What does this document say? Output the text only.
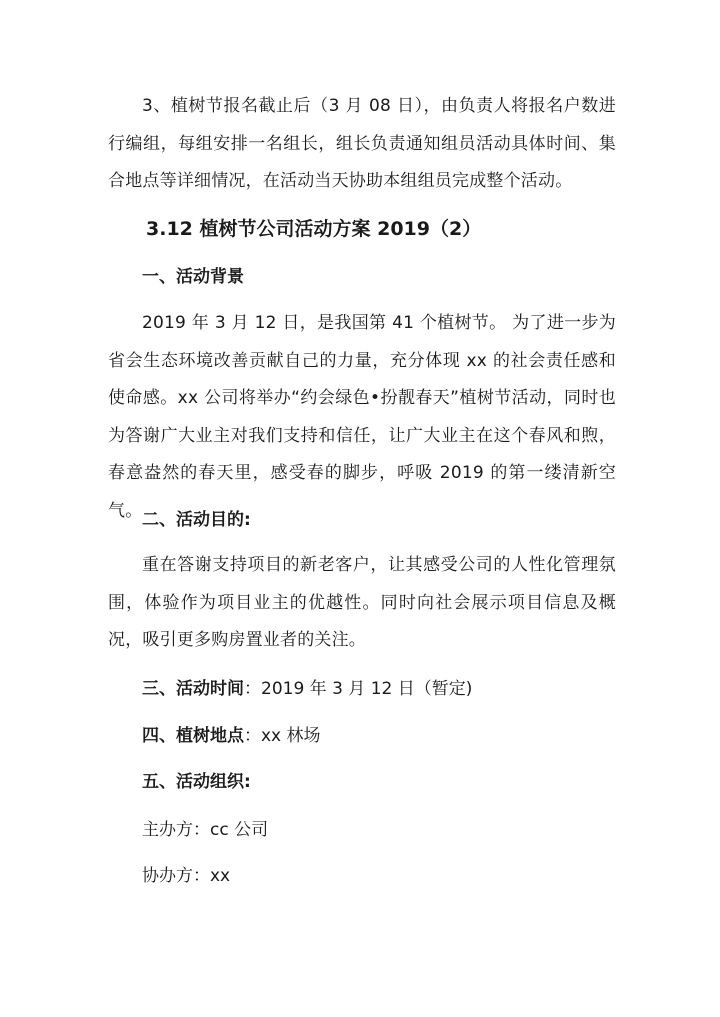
3、植树节报名截止后（3 月 08 日），由负责人将报名户数进行编组，每组安排一名组长，组长负责通知组员活动具体时间、集合地点等详细情况，在活动当天协助本组组员完成整个活动。

3.12 植树节公司活动方案 2019（2）

一、活动背景

2019 年 3 月 12 日，是我国第 41 个植树节。 为了进一步为省会生态环境改善贡献自己的力量，充分体现 xx 的社会责任感和使命感。xx 公司将举办“约会绿色•扮靓春天”植树节活动，同时也为答谢广大业主对我们支持和信任，让广大业主在这个春风和煦，春意盎然的春天里，感受春的脚步，呼吸 2019 的第一缕清新空气。 二、活动目的:

重在答谢支持项目的新老客户，让其感受公司的人性化管理氛围，体验作为项目业主的优越性。同时向社会展示项目信息及概况，吸引更多购房置业者的关注。

三、活动时间：2019 年 3 月 12 日（暂定)

四、植树地点：xx 林场

五、活动组织:

主办方：cc 公司

协办方：xx
